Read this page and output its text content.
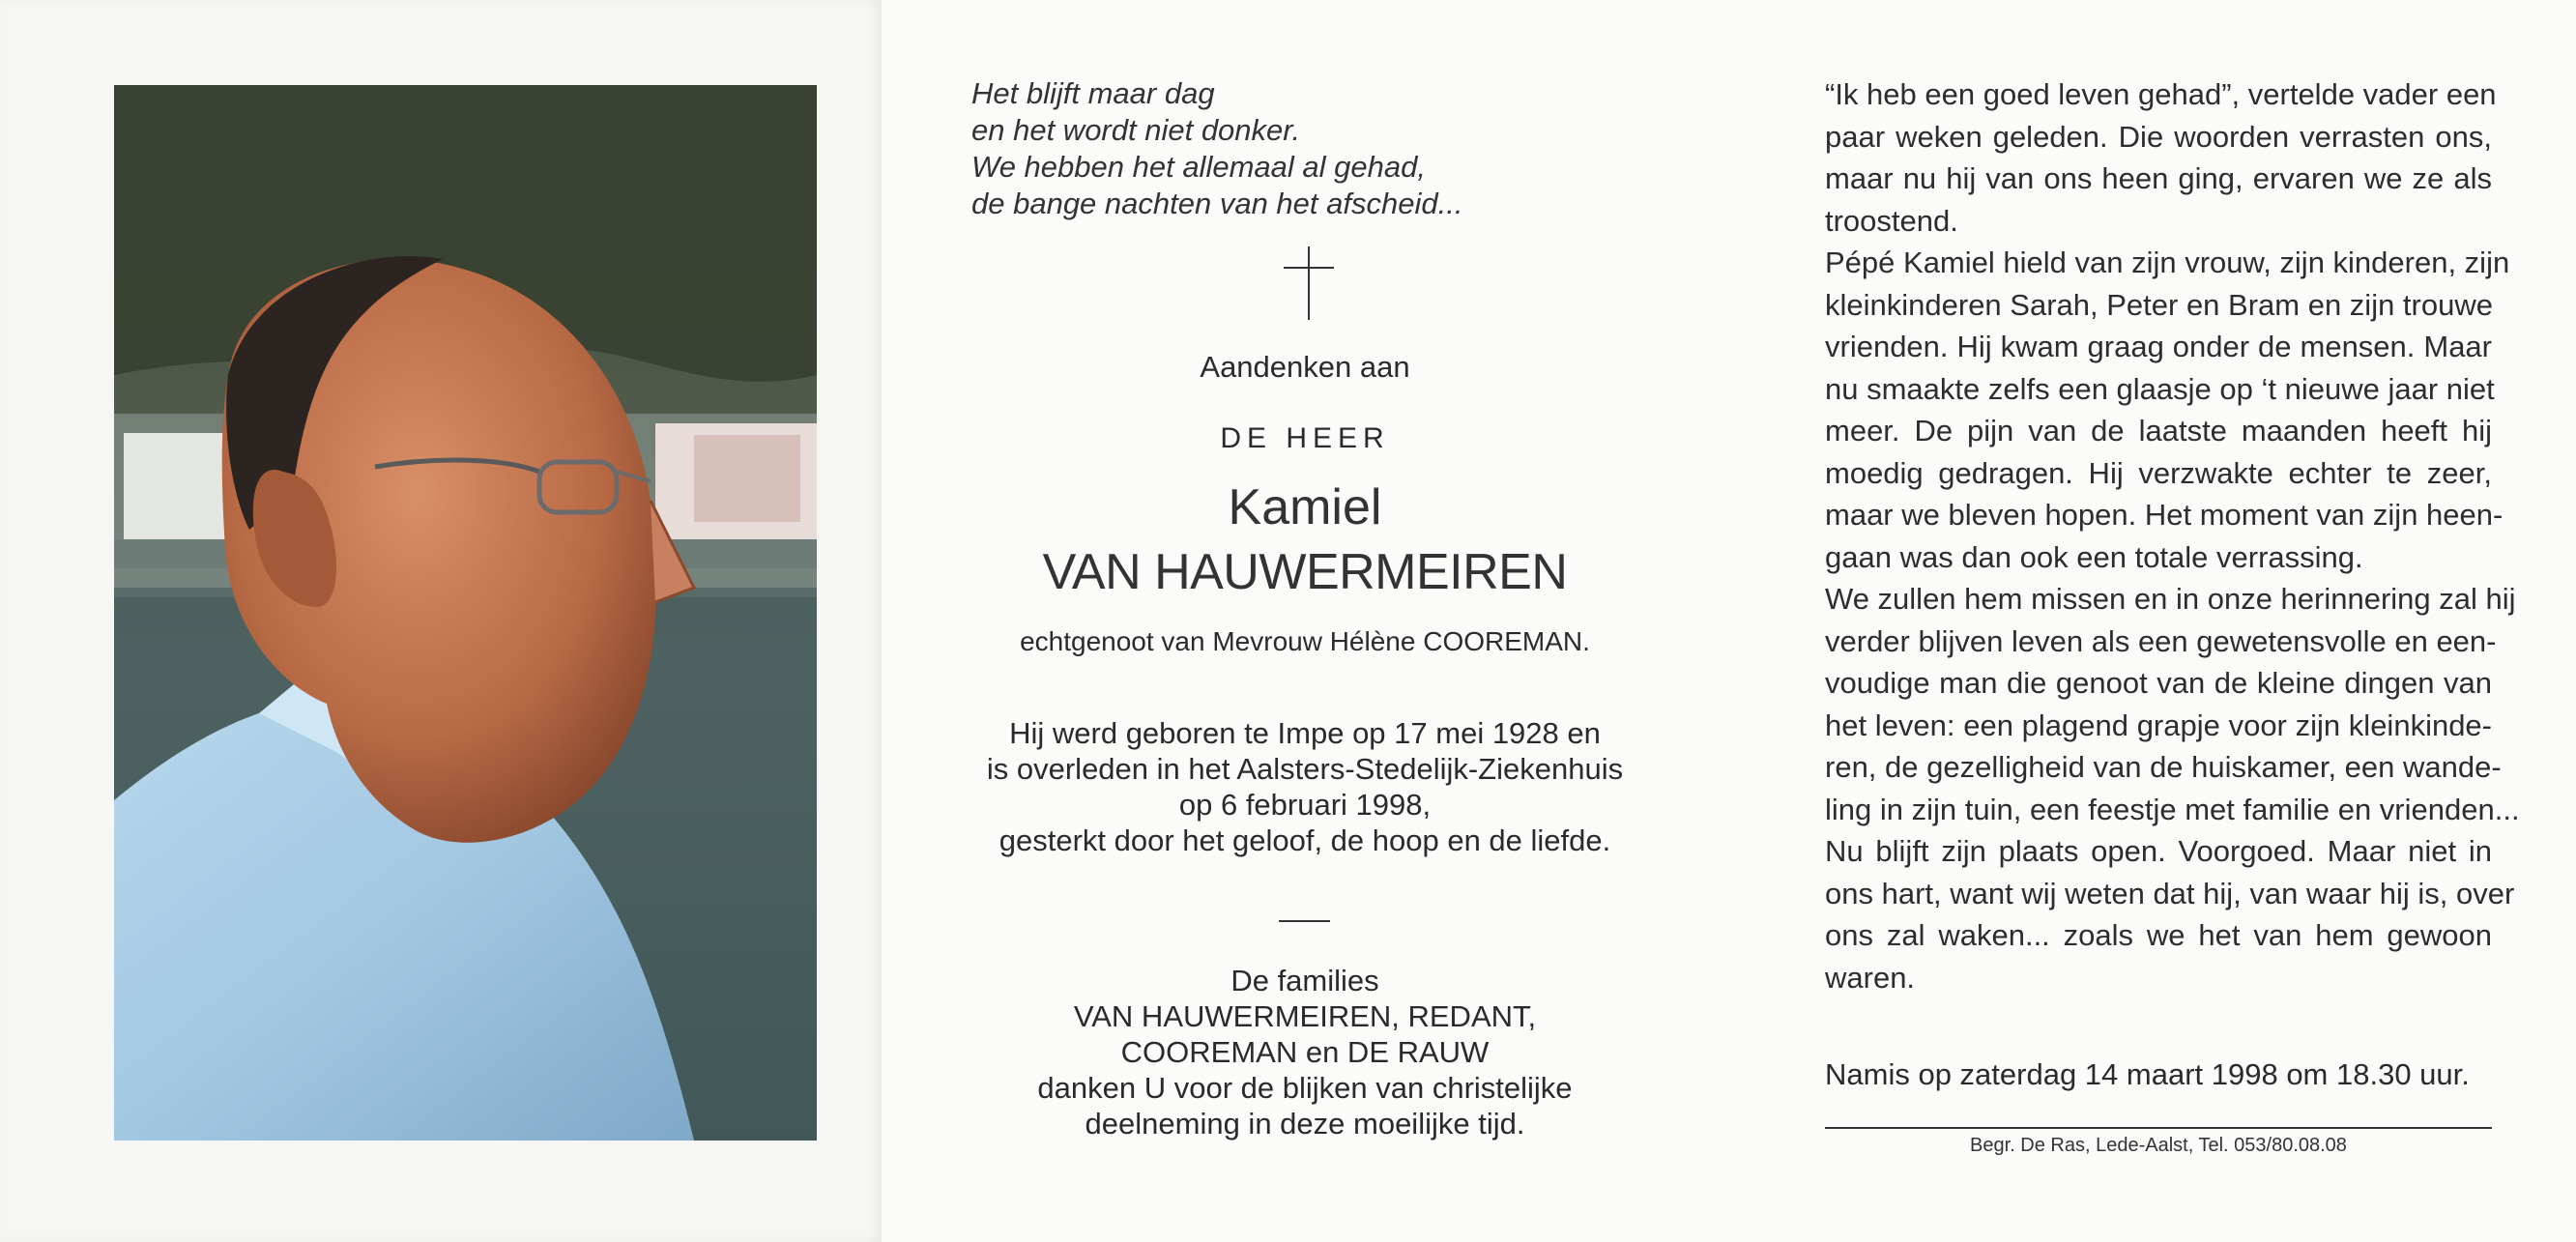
Het blijft maar dag
en het wordt niet donker.
We hebben het allemaal al gehad,
de bange nachten van het afscheid...
Aandenken aan
DE HEER
Kamiel
VAN HAUWERMEIREN
echtgenoot van Mevrouw Hélène COOREMAN.
Hij werd geboren te Impe op 17 mei 1928 en
is overleden in het Aalsters-Stedelijk-Ziekenhuis
op 6 februari 1998,
gesterkt door het geloof, de hoop en de liefde.
De families
VAN HAUWERMEIREN, REDANT,
COOREMAN en DE RAUW
danken U voor de blijken van christelijke
deelneming in deze moeilijke tijd.
“Ik heb een goed leven gehad”, vertelde vader een
paar weken geleden. Die woorden verrasten ons,
maar nu hij van ons heen ging, ervaren we ze als
troostend.
Pépé Kamiel hield van zijn vrouw, zijn kinderen, zijn
kleinkinderen Sarah, Peter en Bram en zijn trouwe
vrienden. Hij kwam graag onder de mensen. Maar
nu smaakte zelfs een glaasje op ‘t nieuwe jaar niet
meer. De pijn van de laatste maanden heeft hij
moedig gedragen. Hij verzwakte echter te zeer,
maar we bleven hopen. Het moment van zijn heen-
gaan was dan ook een totale verrassing.
We zullen hem missen en in onze herinnering zal hij
verder blijven leven als een gewetensvolle en een-
voudige man die genoot van de kleine dingen van
het leven: een plagend grapje voor zijn kleinkinde-
ren, de gezelligheid van de huiskamer, een wande-
ling in zijn tuin, een feestje met familie en vrienden...
Nu blijft zijn plaats open. Voorgoed. Maar niet in
ons hart, want wij weten dat hij, van waar hij is, over
ons zal waken... zoals we het van hem gewoon
waren.
Namis op zaterdag 14 maart 1998 om 18.30 uur.
Begr. De Ras, Lede-Aalst, Tel. 053/80.08.08
